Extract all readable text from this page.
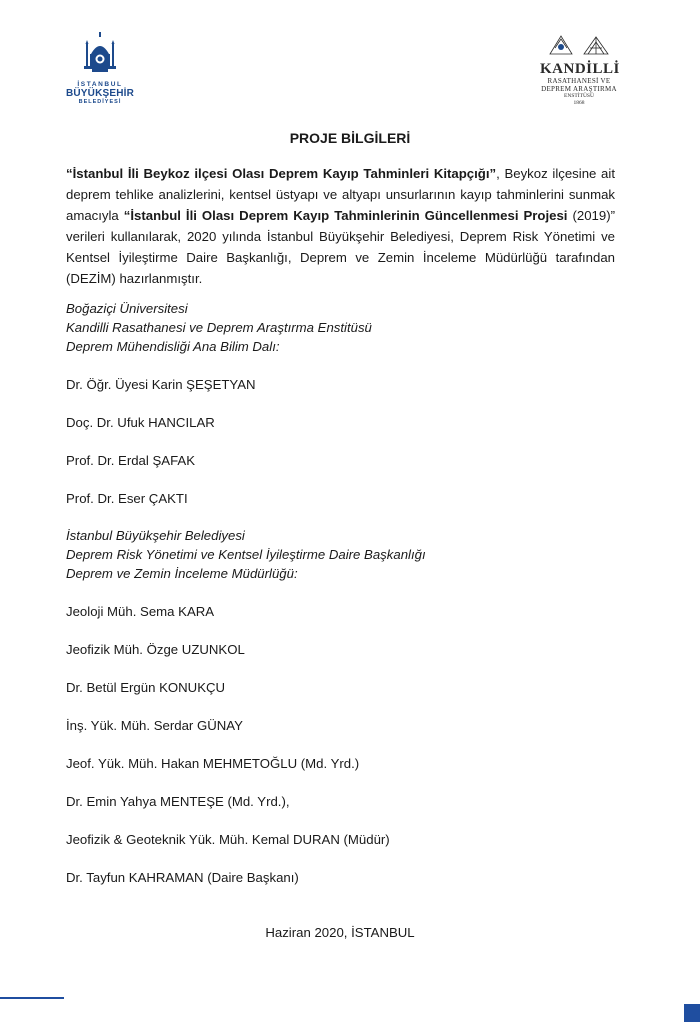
İSTANBUL
BÜYÜKŞEHİR
BELEDİYESİ
KANDİLLİ
RASATHANESİ VE
DEPREM ARAŞTIRMA
ENSTİTÜSÜ
1868
PROJE BİLGİLERİ
“İstanbul İli Beykoz ilçesi Olası Deprem Kayıp Tahminleri Kitapçığı”, Beykoz ilçesine ait deprem tehlike analizlerini, kentsel üstyapı ve altyapı unsurlarının kayıp tahminlerini sunmak amacıyla “İstanbul İli Olası Deprem Kayıp Tahminlerinin Güncellenmesi Projesi (2019)” verileri kullanılarak, 2020 yılında İstanbul Büyükşehir Belediyesi, Deprem Risk Yönetimi ve Kentsel İyileştirme Daire Başkanlığı, Deprem ve Zemin İnceleme Müdürlüğü tarafından (DEZİM) hazırlanmıştır.
Boğaziçi Üniversitesi
Kandilli Rasathanesi ve Deprem Araştırma Enstitüsü
Deprem Mühendisliği Ana Bilim Dalı:
Dr. Öğr. Üyesi Karin ŞEŞETYAN
Doç. Dr. Ufuk HANCILAR
Prof. Dr. Erdal ŞAFAK
Prof. Dr. Eser ÇAKTI
İstanbul Büyükşehir Belediyesi
Deprem Risk Yönetimi ve Kentsel İyileştirme Daire Başkanlığı
Deprem ve Zemin İnceleme Müdürlüğü:
Jeoloji Müh. Sema KARA
Jeofizik Müh. Özge UZUNKOL
Dr. Betül Ergün KONUKÇU
İnş. Yük. Müh. Serdar GÜNAY
Jeof. Yük. Müh. Hakan MEHMETOĞLU (Md. Yrd.)
Dr. Emin Yahya MENTEŞE (Md. Yrd.),
Jeofizik & Geoteknik Yük. Müh. Kemal DURAN (Müdür)
Dr. Tayfun KAHRAMAN (Daire Başkanı)
Haziran 2020, İSTANBUL
